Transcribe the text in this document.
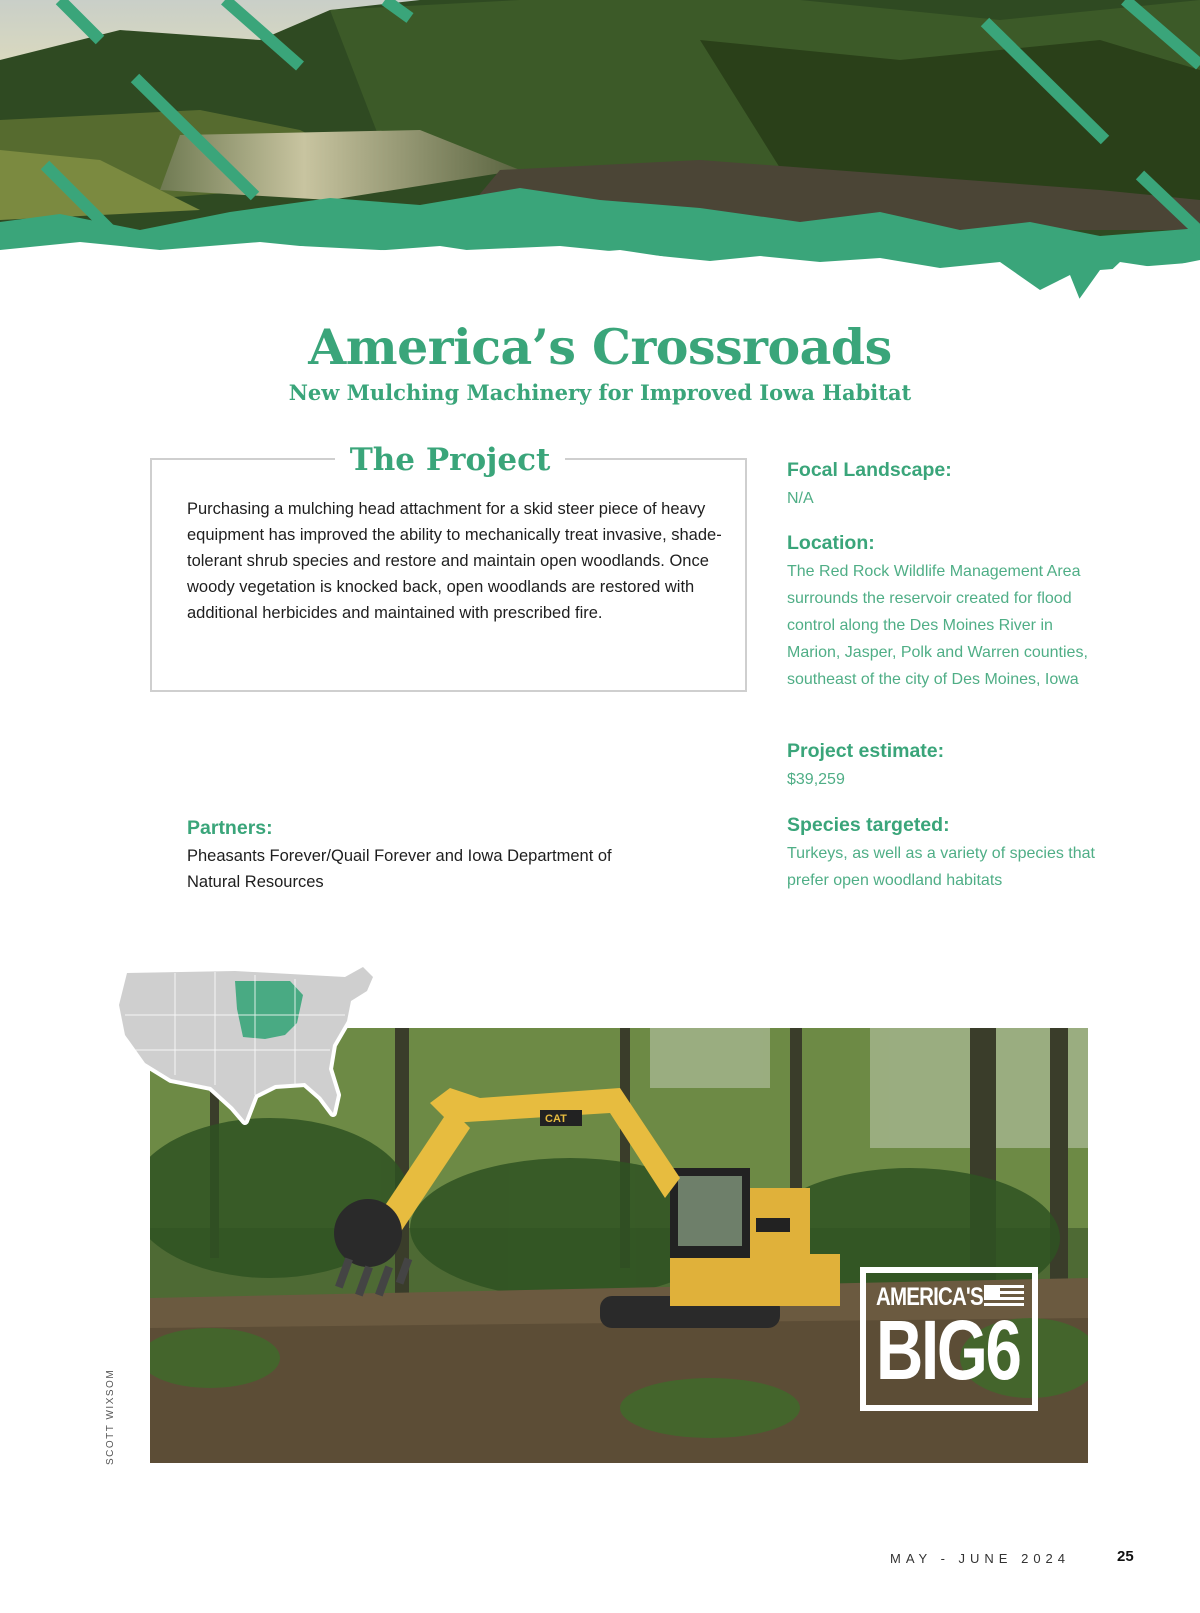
America’s Crossroads
New Mulching Machinery for Improved Iowa Habitat
The Project
Purchasing a mulching head attachment for a skid steer piece of heavy equipment has improved the ability to mechanically treat invasive, shade-tolerant shrub species and restore and maintain open woodlands. Once woody vegetation is knocked back, open woodlands are restored with additional herbicides and maintained with prescribed fire.
Partners:

Pheasants Forever/Quail Forever and Iowa Department of Natural Resources

Focal Landscape:

N/A

Location:

The Red Rock Wildlife Management Area surrounds the reservoir created for flood control along the Des Moines River in Marion, Jasper, Polk and Warren counties, southeast of the city of Des Moines, Iowa

Project estimate:

$39,259

Species targeted:

Turkeys, as well as a variety of species that prefer open woodland habitats

CAT
AMERICA'S
BIG6
SCOTT WIXSOM
MAY - JUNE 2024	25
